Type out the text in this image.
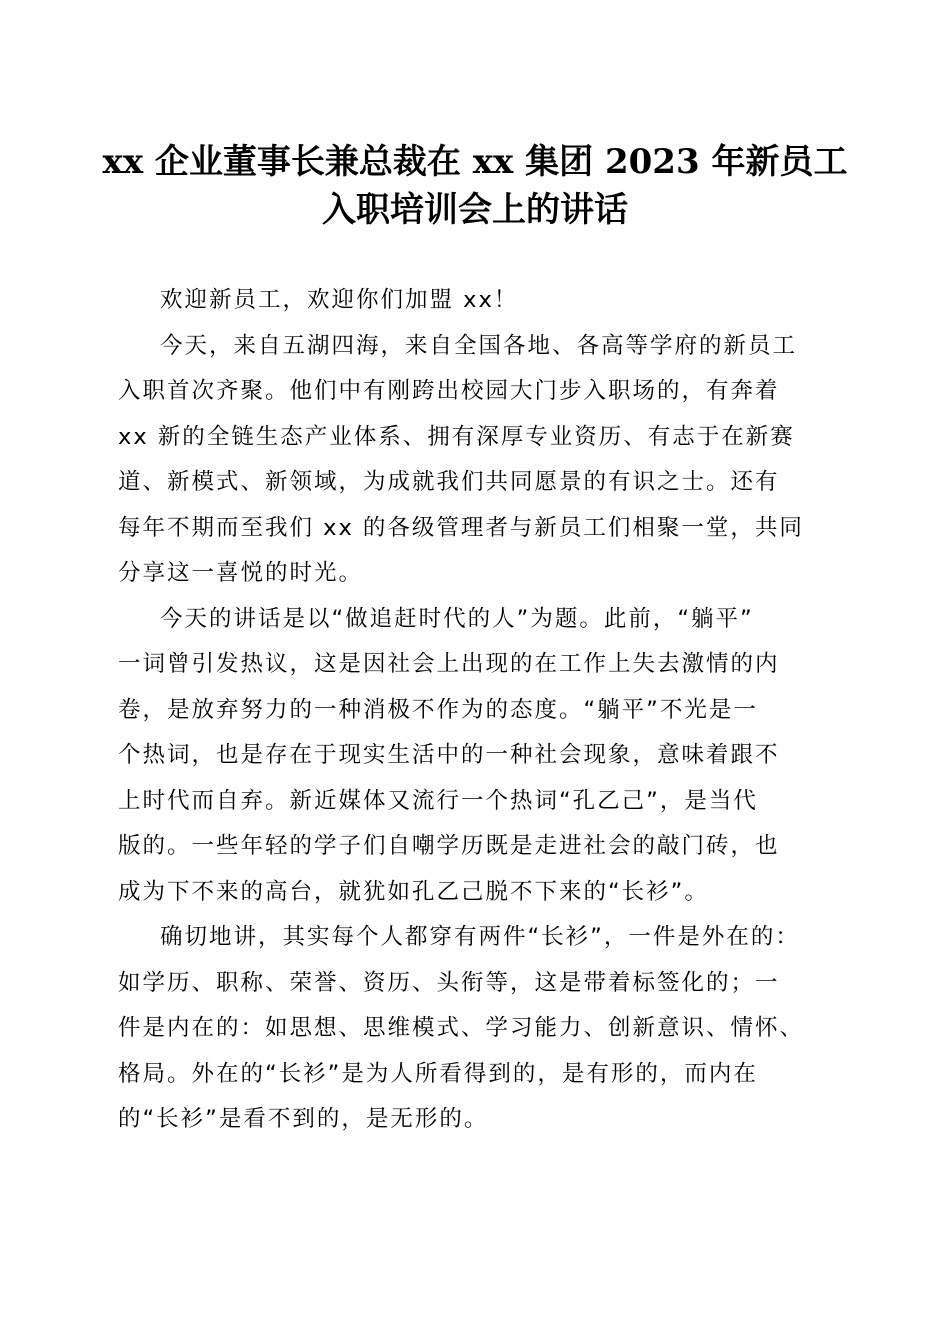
xx 企业董事长兼总裁在 xx 集团 2023 年新员工
入职培训会上的讲话

欢迎新员工，欢迎你们加盟 xx！

今天，来自五湖四海，来自全国各地、各高等学府的新员工
入职首次齐聚。他们中有刚跨出校园大门步入职场的，有奔着
xx 新的全链生态产业体系、拥有深厚专业资历、有志于在新赛
道、新模式、新领域，为成就我们共同愿景的有识之士。还有
每年不期而至我们 xx 的各级管理者与新员工们相聚一堂，共同
分享这一喜悦的时光。

今天的讲话是以“做追赶时代的人”为题。此前，“躺平”
一词曾引发热议，这是因社会上出现的在工作上失去激情的内
卷，是放弃努力的一种消极不作为的态度。“躺平”不光是一
个热词，也是存在于现实生活中的一种社会现象，意味着跟不
上时代而自弃。新近媒体又流行一个热词“孔乙己”，是当代
版的。一些年轻的学子们自嘲学历既是走进社会的敲门砖，也
成为下不来的高台，就犹如孔乙己脱不下来的“长衫”。

确切地讲，其实每个人都穿有两件“长衫”，一件是外在的：
如学历、职称、荣誉、资历、头衔等，这是带着标签化的；一
件是内在的：如思想、思维模式、学习能力、创新意识、情怀、
格局。外在的“长衫”是为人所看得到的，是有形的，而内在
的“长衫”是看不到的，是无形的。
